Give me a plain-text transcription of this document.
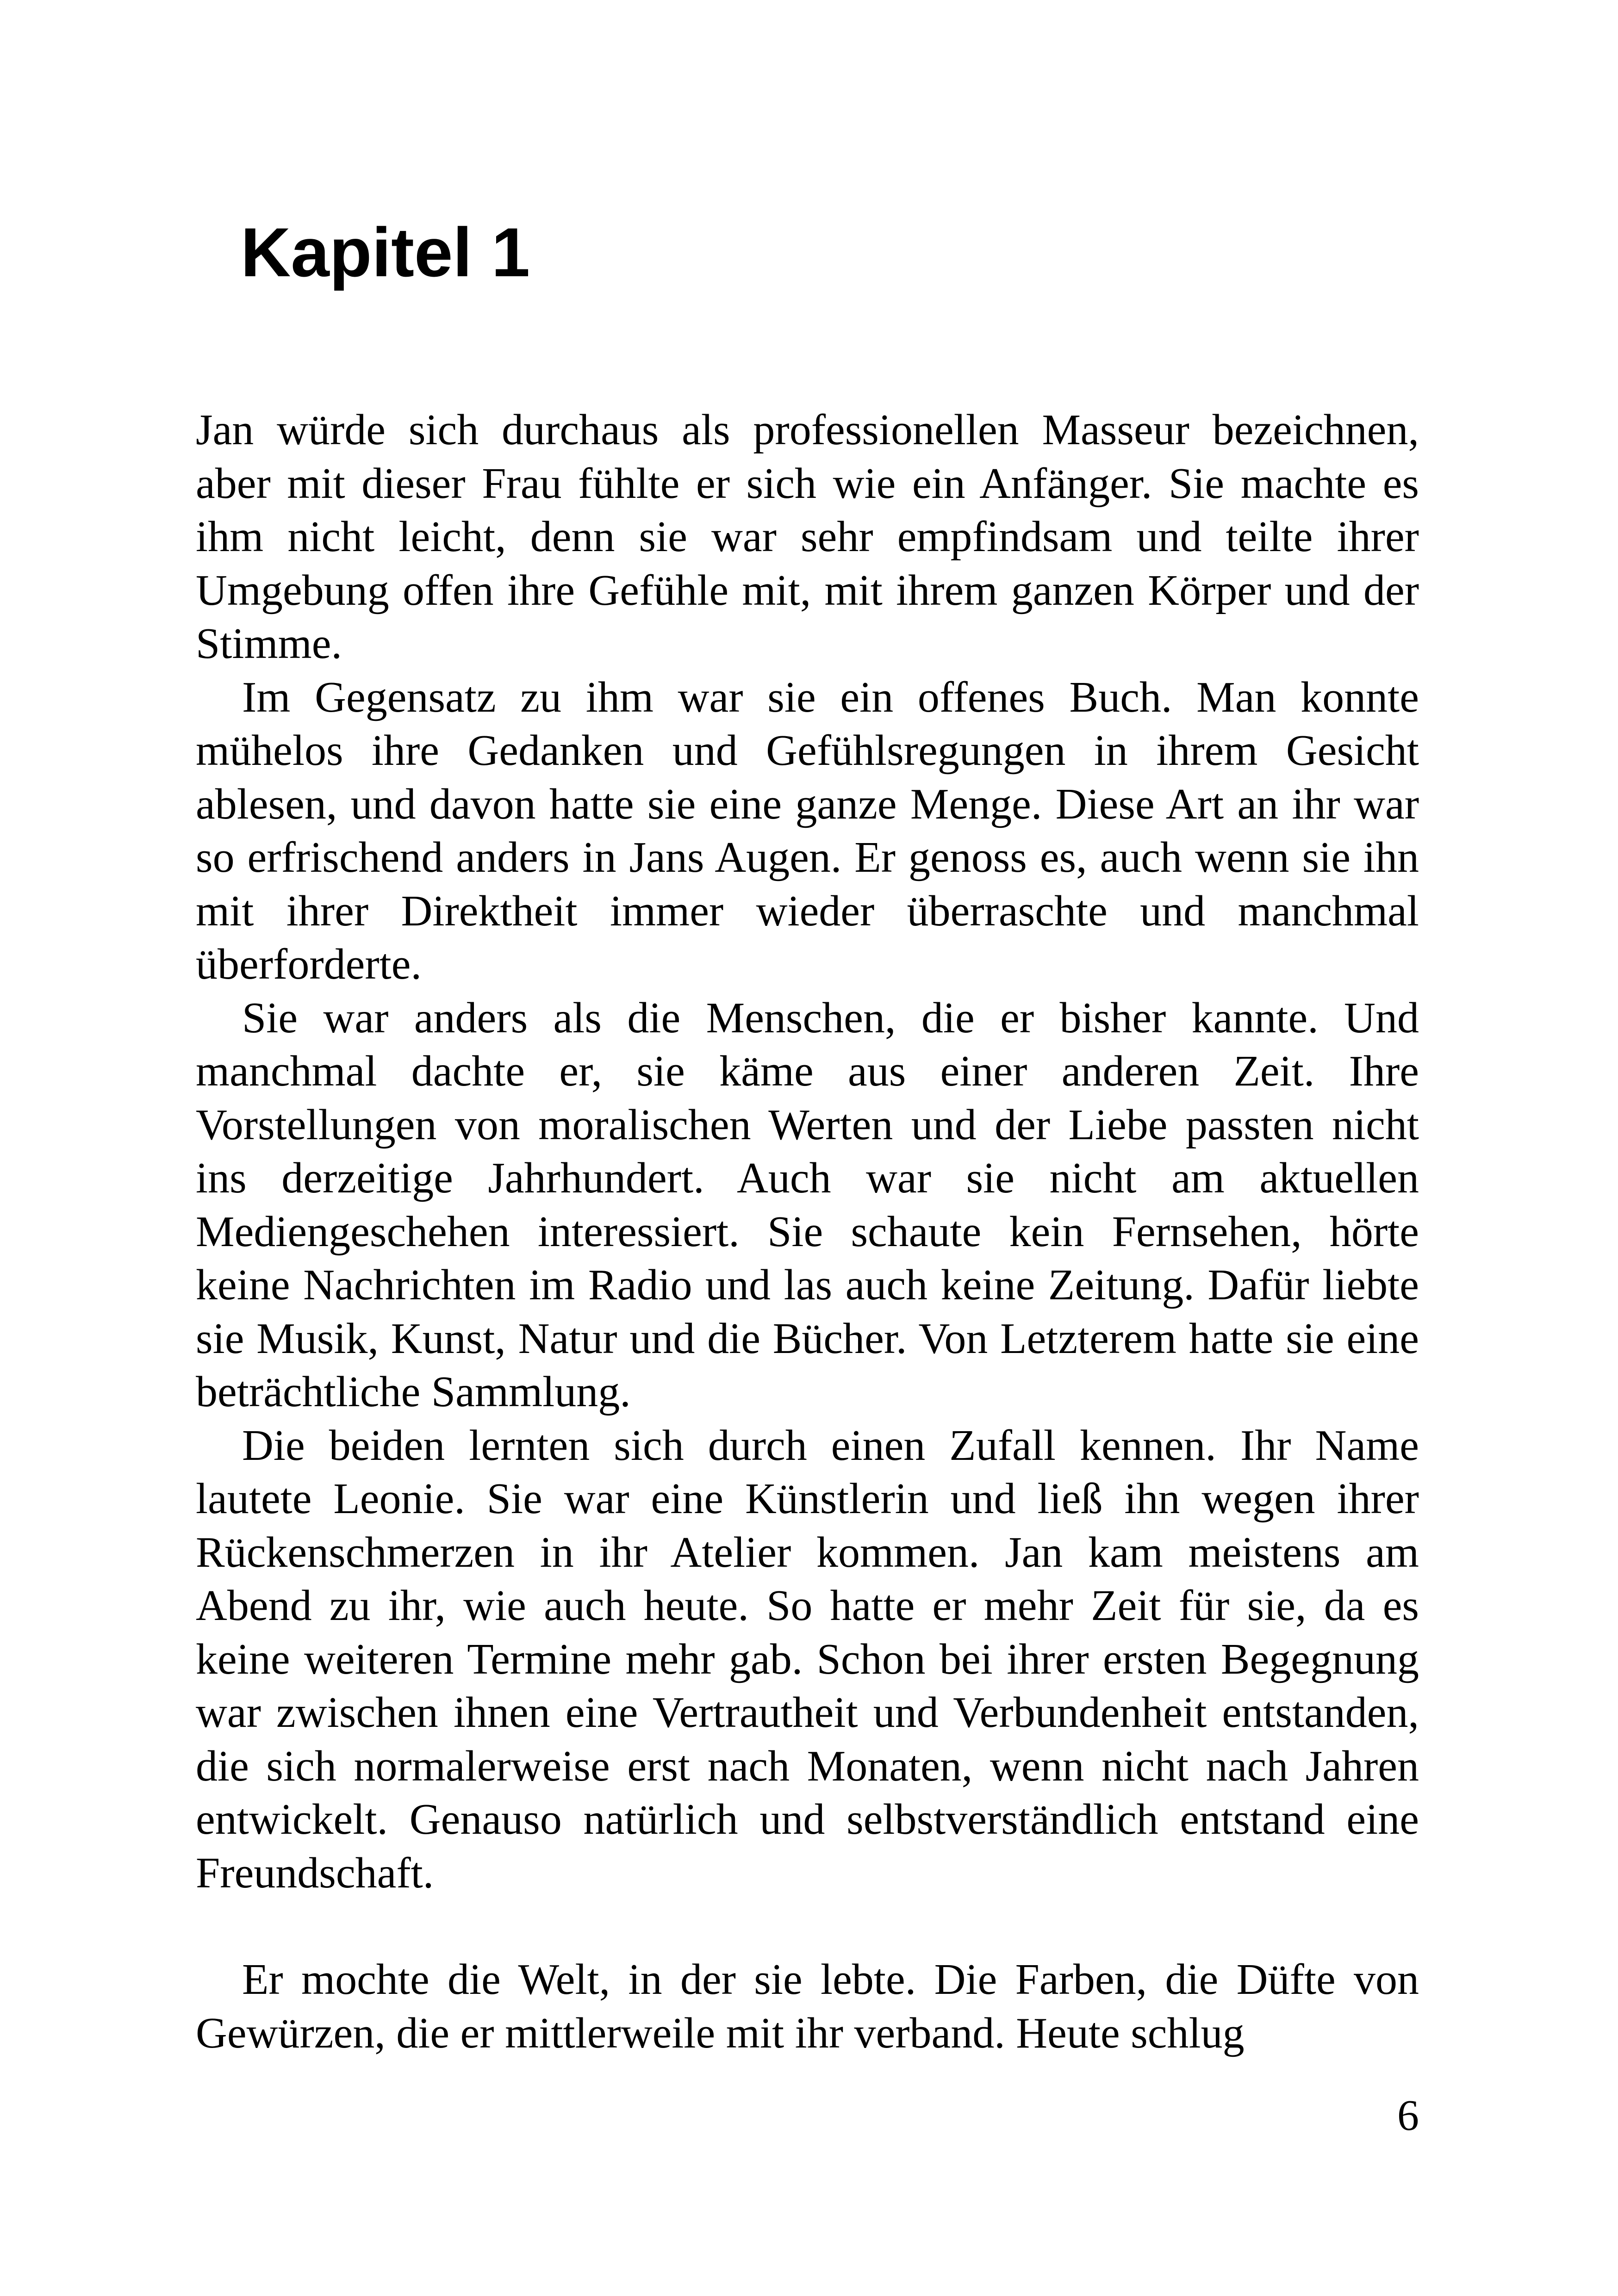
Kapitel 1

Jan würde sich durchaus als professionellen Masseur bezeichnen, aber mit dieser Frau fühlte er sich wie ein Anfänger. Sie machte es ihm nicht leicht, denn sie war sehr empfindsam und teilte ihrer Umgebung offen ihre Gefühle mit, mit ihrem ganzen Körper und der Stimme.

Im Gegensatz zu ihm war sie ein offenes Buch. Man konnte mühelos ihre Gedanken und Gefühlsregungen in ihrem Gesicht ablesen, und davon hatte sie eine ganze Menge. Diese Art an ihr war so erfrischend anders in Jans Augen. Er genoss es, auch wenn sie ihn mit ihrer Direktheit immer wieder überraschte und manchmal überforderte.

Sie war anders als die Menschen, die er bisher kannte. Und manchmal dachte er, sie käme aus einer anderen Zeit. Ihre Vorstellungen von moralischen Werten und der Liebe passten nicht ins derzeitige Jahrhundert. Auch war sie nicht am aktuellen Mediengeschehen interessiert. Sie schaute kein Fernsehen, hörte keine Nachrichten im Radio und las auch keine Zeitung. Dafür liebte sie Musik, Kunst, Natur und die Bücher. Von Letzterem hatte sie eine beträchtliche Sammlung.

Die beiden lernten sich durch einen Zufall kennen. Ihr Name lautete Leonie. Sie war eine Künstlerin und ließ ihn wegen ihrer Rückenschmerzen in ihr Atelier kommen. Jan kam meistens am Abend zu ihr, wie auch heute. So hatte er mehr Zeit für sie, da es keine weiteren Termine mehr gab. Schon bei ihrer ersten Begegnung war zwischen ihnen eine Vertrautheit und Verbundenheit entstanden, die sich normalerweise erst nach Monaten, wenn nicht nach Jahren entwickelt. Genauso natürlich und selbstverständlich entstand eine Freundschaft.

Er mochte die Welt, in der sie lebte. Die Farben, die Düfte von Gewürzen, die er mittlerweile mit ihr verband. Heute schlug

6
